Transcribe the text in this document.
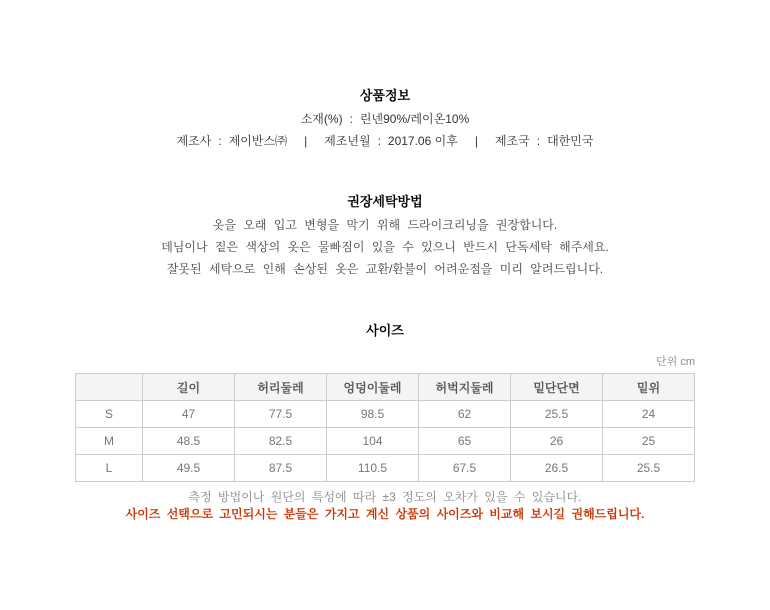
상품정보
소재(%) : 린넨90%/레이온10%
제조사 : 제이반스㈜ | 제조년월 : 2017.06 이후 | 제조국 : 대한민국
권장세탁방법

옷을 오래 입고 변형을 막기 위해 드라이크리닝을 권장합니다.

데님이나 짙은 색상의 옷은 물빠짐이 있을 수 있으니 반드시 단독세탁 해주세요.

잘못된 세탁으로 인해 손상된 옷은 교환/환불이 어려운점을 미리 알려드립니다.

사이즈
단위 cm
	길이	허리둘레	엉덩이둘레	허벅지둘레	밑단단면	밑위
S	47	77.5	98.5	62	25.5	24
M	48.5	82.5	104	65	26	25
L	49.5	87.5	110.5	67.5	26.5	25.5

측정 방법이나 원단의 특성에 따라 ±3 정도의 오차가 있을 수 있습니다.

사이즈 선택으로 고민되시는 분들은 가지고 계신 상품의 사이즈와 비교해 보시길 권해드립니다.
